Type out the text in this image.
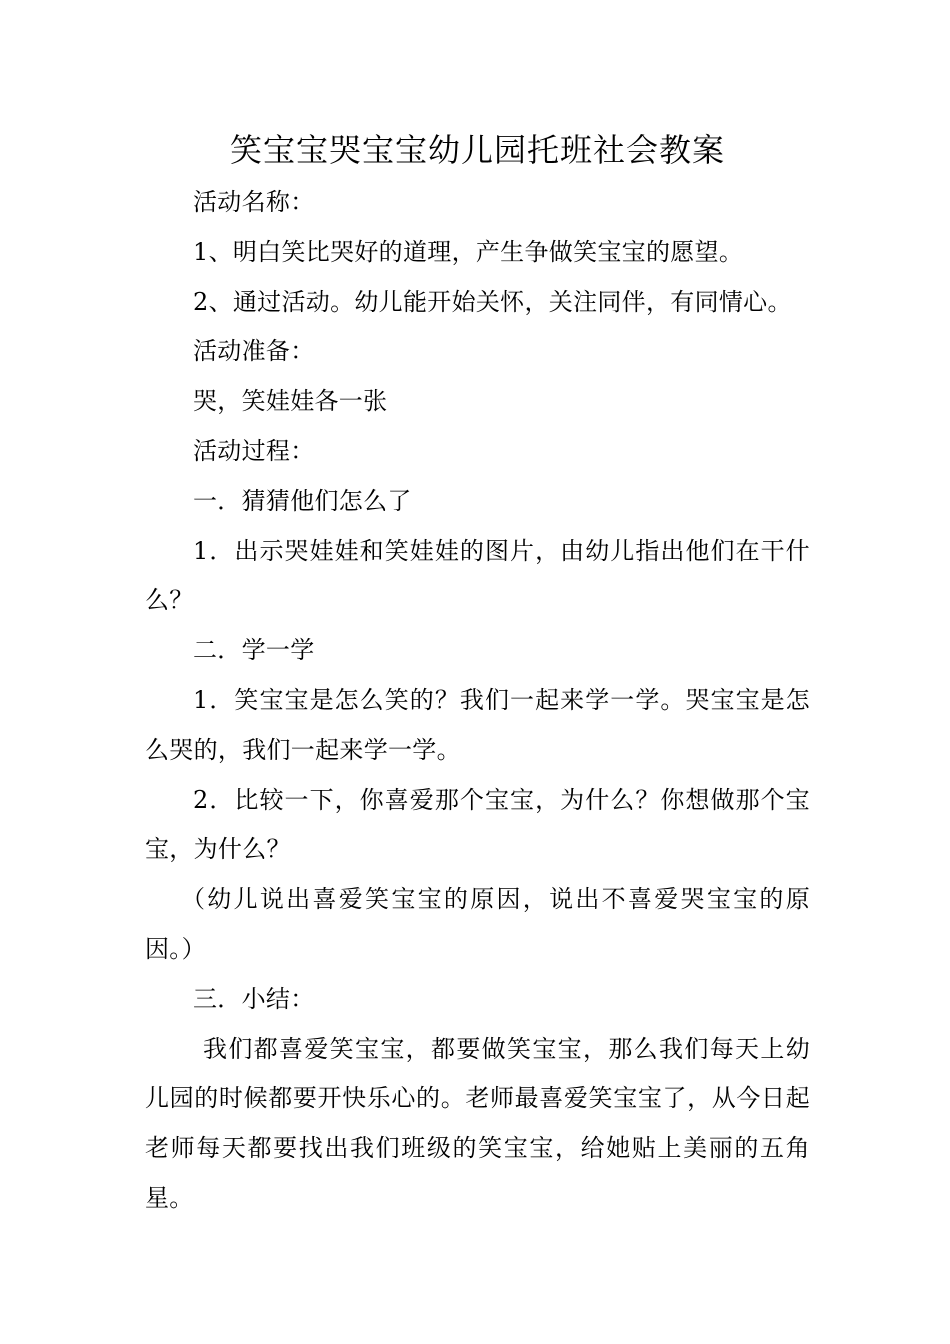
笑宝宝哭宝宝幼儿园托班社会教案

活动名称：

1、明白笑比哭好的道理，产生争做笑宝宝的愿望。

2、通过活动。幼儿能开始关怀，关注同伴，有同情心。

活动准备：

哭，笑娃娃各一张

活动过程：

一．猜猜他们怎么了

1．出示哭娃娃和笑娃娃的图片，由幼儿指出他们在干什么？

二．学一学

1．笑宝宝是怎么笑的？我们一起来学一学。哭宝宝是怎么哭的，我们一起来学一学。

2．比较一下，你喜爱那个宝宝，为什么？你想做那个宝宝，为什么？

（幼儿说出喜爱笑宝宝的原因，说出不喜爱哭宝宝的原因。）

三．小结：

我们都喜爱笑宝宝，都要做笑宝宝，那么我们每天上幼儿园的时候都要开快乐心的。老师最喜爱笑宝宝了，从今日起老师每天都要找出我们班级的笑宝宝，给她贴上美丽的五角星。
